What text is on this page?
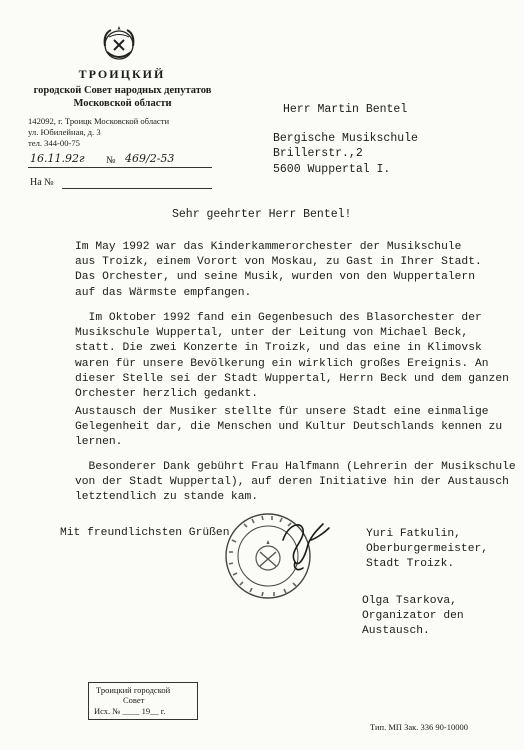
ТРОИЦКИЙ
городской Совет народных депутатов
Московской области
142092, г. Троицк Московской области
ул. Юбилейная, д. 3
тел. 344-00-75
16.11.92г № 469/2-53
На №
Herr Martin Bentel
Bergische Musikschule
Brillerstr.,2
5600 Wuppertal I.
Sehr geehrter Herr Bentel!
Im May 1992 war das Kinderkammerorchester der Musikschule
aus Troizk, einem Vorort von Moskau, zu Gast in Ihrer Stadt.
Das Orchester, und seine Musik, wurden von den Wuppertalern
auf das Wärmste empfangen.
Im Oktober 1992 fand ein Gegenbesuch des Blasorchester der
Musikschule Wuppertal, unter der Leitung von Michael Beck,
statt. Die zwei Konzerte in Troizk, und das eine in Klimovsk
waren für unsere Bevölkerung ein wirklich großes Ereignis. An
dieser Stelle sei der Stadt Wuppertal, Herrn Beck und dem ganzen
Orchester herzlich gedankt.
Austausch der Musiker stellte für unsere Stadt eine einmalige
Gelegenheit dar, die Menschen und Kultur Deutschlands kennen zu
lernen.
Besonderer Dank gebührt Frau Halfmann (Lehrerin der Musikschule
von der Stadt Wuppertal), auf deren Initiative hin der Austausch
letztendlich zu stande kam.
Mit freundlichsten Grüßen	Yuri Fatkulin,
Oberburgermeister,
Stadt Troizk.
Olga Tsarkova,
Organizator den
Austausch.
Троицкий городской
Совет
Исх. № ____ 19__ г.
Тип. МП Зак. 336 90-10000
